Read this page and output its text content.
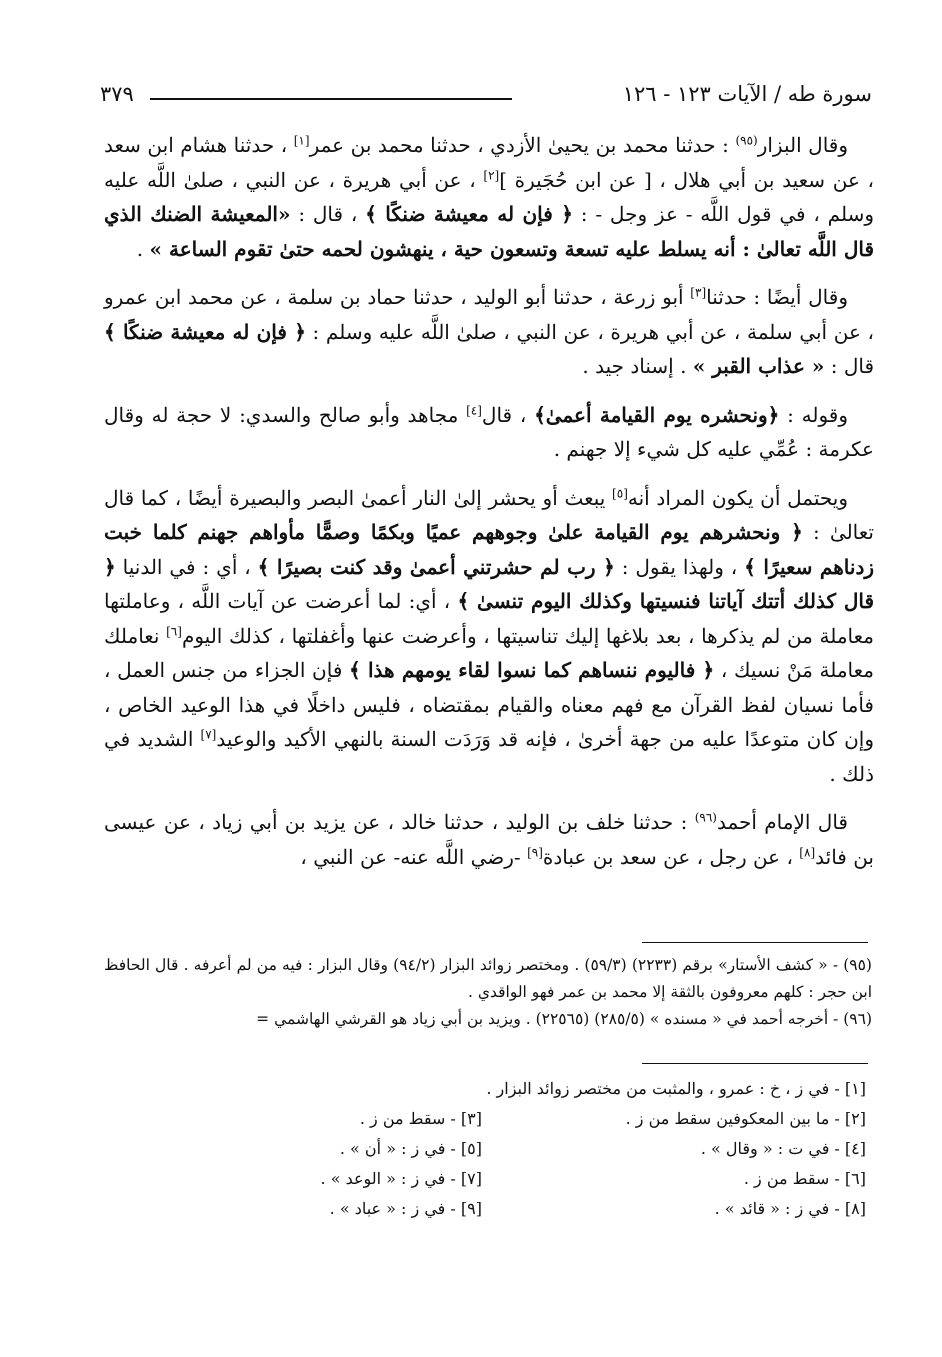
سورة طه / الآيات ١٢٣ - ١٢٦
٣٧٩

وقال البزار$^{(٩٥)}$ : حدثنا محمد بن يحيىٰ الأزدي ، حدثنا محمد بن عمر[١] ، حدثنا هشام ابن سعد ، عن سعيد بن أبي هلال ، [ عن ابن حُجَيرة ][٢] ، عن أبي هريرة ، عن النبي ، صلىٰ اللَّه عليه وسلم ، في قول اللَّه - عز وجل - : ﴿ فإن له معيشة ضنكًا ﴾ ، قال : «المعيشة الضنك الذي قال اللَّه تعالىٰ : أنه يسلط عليه تسعة وتسعون حية ، ينهشون لحمه حتىٰ تقوم الساعة » .

وقال أيضًا : حدثنا[٣] أبو زرعة ، حدثنا أبو الوليد ، حدثنا حماد بن سلمة ، عن محمد ابن عمرو ، عن أبي سلمة ، عن أبي هريرة ، عن النبي ، صلىٰ اللَّه عليه وسلم : ﴿ فإن له معيشة ضنكًا ﴾ قال : « عذاب القبر » . إسناد جيد .

وقوله : ﴿ونحشره يوم القيامة أعمىٰ﴾ ، قال[٤] مجاهد وأبو صالح والسدي: لا حجة له وقال عكرمة : عُمِّي عليه كل شيء إلا جهنم .

ويحتمل أن يكون المراد أنه[٥] يبعث أو يحشر إلىٰ النار أعمىٰ البصر والبصيرة أيضًا ، كما قال تعالىٰ : ﴿ ونحشرهم يوم القيامة علىٰ وجوههم عميًا وبكمًا وصمًّا مأواهم جهنم كلما خبت زدناهم سعيرًا ﴾ ، ولهذا يقول : ﴿ رب لم حشرتني أعمىٰ وقد كنت بصيرًا ﴾ ، أي : في الدنيا ﴿ قال كذلك أتتك آياتنا فنسيتها وكذلك اليوم تنسىٰ ﴾ ، أي: لما أعرضت عن آيات اللَّه ، وعاملتها معاملة من لم يذكرها ، بعد بلاغها إليك تناسيتها ، وأعرضت عنها وأغفلتها ، كذلك اليوم[٦] نعاملك معاملة مَنْ نسيك ، ﴿ فاليوم ننساهم كما نسوا لقاء يومهم هذا ﴾ فإن الجزاء من جنس العمل ، فأما نسيان لفظ القرآن مع فهم معناه والقيام بمقتضاه ، فليس داخلًا في هذا الوعيد الخاص ، وإن كان متوعدًا عليه من جهة أخرىٰ ، فإنه قد وَرَدَت السنة بالنهي الأكيد والوعيد[٧] الشديد في ذلك .

قال الإمام أحمد$^{(٩٦)}$ : حدثنا خلف بن الوليد ، حدثنا خالد ، عن يزيد بن أبي زياد ، عن عيسى بن فائد[٨] ، عن رجل ، عن سعد بن عبادة[٩] -رضي اللَّه عنه- عن النبي ،

(٩٥) - « كشف الأستار» برقم (٢٢٣٣) (٥٩/٣) . ومختصر زوائد البزار (٩٤/٢) وقال البزار : فيه من لم أعرفه . قال الحافظ ابن حجر : كلهم معروفون بالثقة إلا محمد بن عمر فهو الواقدي .

(٩٦) - أخرجه أحمد في « مسنده » (٢٨٥/٥) (٢٢٥٦٥) . ويزيد بن أبي زياد هو القرشي الهاشمي =

[١] - في ز ، خ : عمرو ، والمثبت من مختصر زوائد البزار .
[٢] - ما بين المعكوفين سقط من ز .
[٣] - سقط من ز .
[٤] - في ت : « وقال » .
[٥] - في ز : « أن » .
[٦] - سقط من ز .
[٧] - في ز : « الوعد » .
[٨] - في ز : « قائد » .
[٩] - في ز : « عباد » .
